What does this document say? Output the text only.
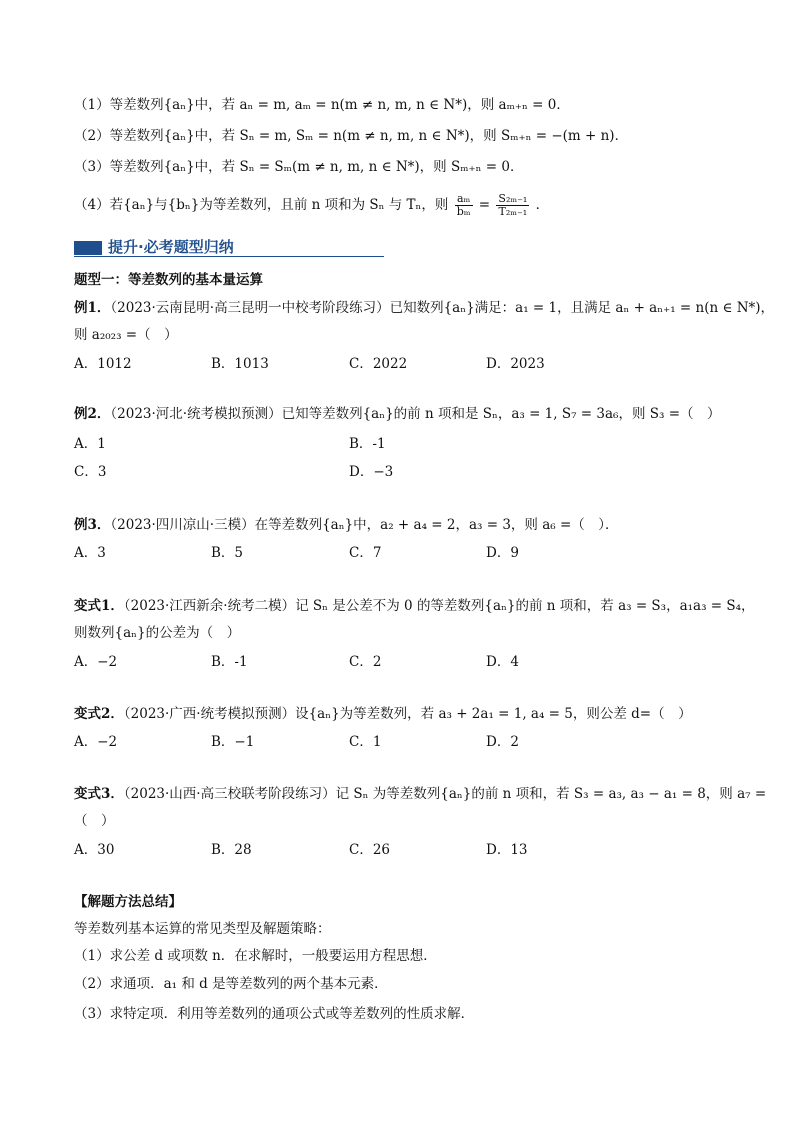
（1）等差数列{aₙ}中，若 aₙ = m, aₘ = n(m ≠ n, m, n ∈ N*)，则 aₘ₊ₙ = 0．
（2）等差数列{aₙ}中，若 Sₙ = m, Sₘ = n(m ≠ n, m, n ∈ N*)，则 Sₘ₊ₙ = −(m + n)．
（3）等差数列{aₙ}中，若 Sₙ = Sₘ(m ≠ n, m, n ∈ N*)，则 Sₘ₊ₙ = 0．
（4）若{aₙ}与{bₙ}为等差数列，且前 n 项和为 Sₙ 与 Tₙ，则 $\frac{\text{aₘ}}{\text{bₘ}} = \frac{\text{S₂ₘ₋₁}}{\text{T₂ₘ₋₁}}$ ．
提升·必考题型归纳
题型一：等差数列的基本量运算
例1．（2023·云南昆明·高三昆明一中校考阶段练习）已知数列{aₙ}满足：a₁ = 1，且满足 aₙ + aₙ₊₁ = n(n ∈ N*)，
则 a₂₀₂₃ =（　）
A．1012	B．1013	C．2022	D．2023
例2．（2023·河北·统考模拟预测）已知等差数列{aₙ}的前 n 项和是 Sₙ，a₃ = 1, S₇ = 3a₆，则 S₃ =（　）
A．1	B．-1
C．3	D．−3
例3．（2023·四川凉山·三模）在等差数列{aₙ}中，a₂ + a₄ = 2，a₃ = 3，则 a₆ =（　）．
A．3	B．5	C．7	D．9
变式1．（2023·江西新余·统考二模）记 Sₙ 是公差不为 0 的等差数列{aₙ}的前 n 项和，若 a₃ = S₃，a₁a₃ = S₄，
则数列{aₙ}的公差为（　）
A．−2	B．-1	C．2	D．4
变式2．（2023·广西·统考模拟预测）设{aₙ}为等差数列，若 a₃ + 2a₁ = 1, a₄ = 5，则公差 d=（　）
A．−2	B．−1	C．1	D．2
变式3．（2023·山西·高三校联考阶段练习）记 Sₙ 为等差数列{aₙ}的前 n 项和，若 S₃ = a₃, a₃ − a₁ = 8，则 a₇ =
（　）
A．30	B．28	C．26	D．13
【解题方法总结】
等差数列基本运算的常见类型及解题策略：
（1）求公差 d 或项数 n．在求解时，一般要运用方程思想．
（2）求通项．a₁ 和 d 是等差数列的两个基本元素．
（3）求特定项．利用等差数列的通项公式或等差数列的性质求解．
